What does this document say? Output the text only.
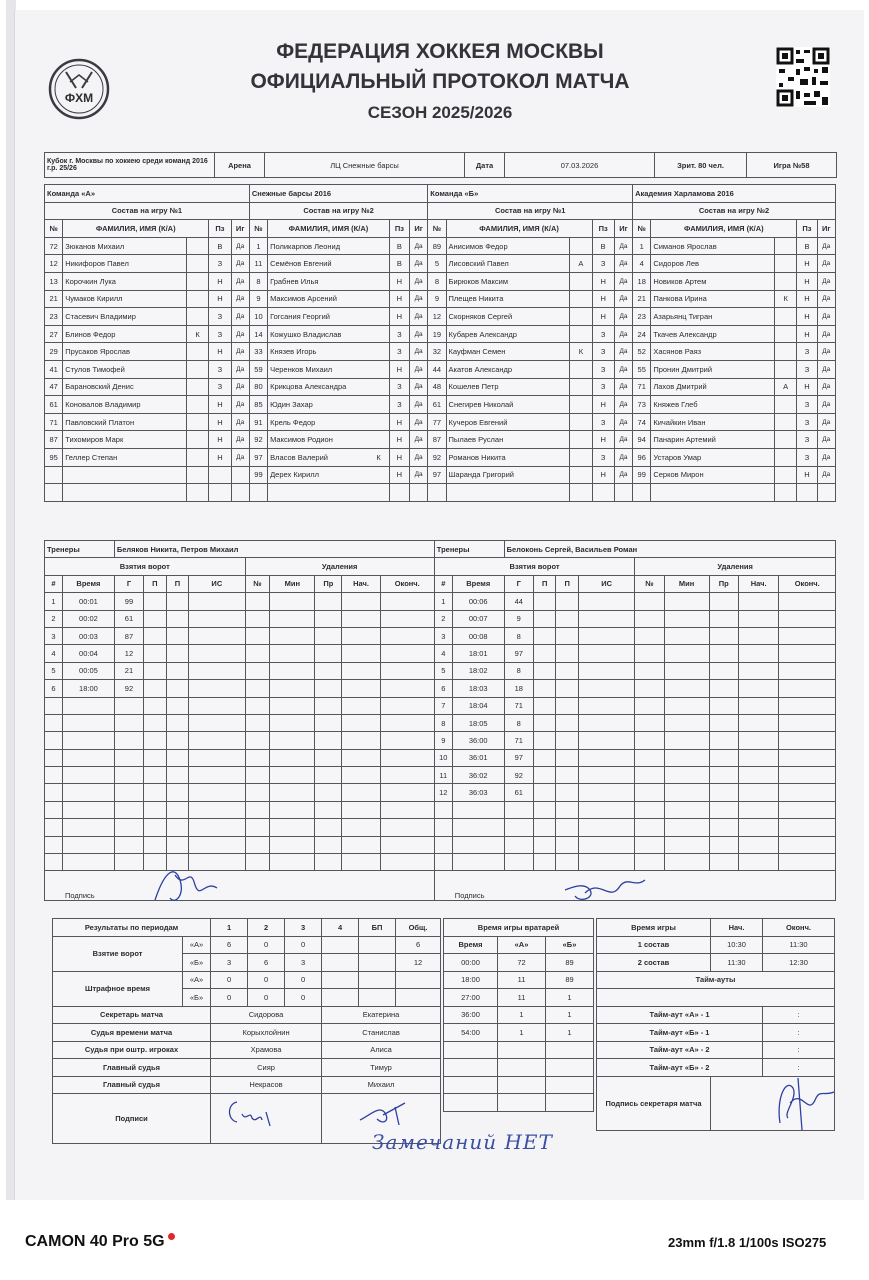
ФХМ
ФЕДЕРАЦИЯ ХОККЕЯ МОСКВЫ
ОФИЦИАЛЬНЫЙ ПРОТОКОЛ МАТЧА
СЕЗОН 2025/2026
Кубок г. Москвы по хоккею среди команд 2016 г.р. 25/26	Арена	ЛЦ Снежные барсы	Дата	07.03.2026	Зрит. 80 чел.	Игра №58
Команда «А»					Снежные барсы 2016				Команда «Б»					Академия Харламова 2016				
Состав на игру №1					Состав на игру №2				Состав на игру №1					Состав на игру №2				
№	ФАМИЛИЯ, ИМЯ (К/А)		Пз	Иг	№	ФАМИЛИЯ, ИМЯ (К/А)	Пз	Иг	№	ФАМИЛИЯ, ИМЯ (К/А)		Пз	Иг	№	ФАМИЛИЯ, ИМЯ (К/А)		Пз	Иг
72	Зюканов Михаил		В	Да	1	Поликарпов Леонид	В	Да	89	Анисимов Федор		В	Да	1	Симанов Ярослав		В	Да
12	Никифоров Павел		З	Да	11	Семёнов Евгений	В	Да	5	Лисовский Павел	А	З	Да	4	Сидоров Лев		Н	Да
13	Корочкин Лука		Н	Да	8	Грабнев Илья	Н	Да	8	Бирюков Максим		Н	Да	18	Новиков Артем		Н	Да
21	Чумаков Кирилл		Н	Да	9	Максимов Арсений	Н	Да	9	Плещев Никита		Н	Да	21	Панкова Ирина	К	Н	Да
23	Стасевич Владимир		З	Да	10	Гогсания Георгий	Н	Да	12	Скорняков Сергей		Н	Да	23	Азарьянц Тигран		Н	Да
27	Блинов Федор	К	З	Да	14	Кожушко Владислав	З	Да	19	Кубарев Александр		З	Да	24	Ткачев Александр		Н	Да
29	Прусаков Ярослав		Н	Да	33	Князев Игорь	З	Да	32	Кауфман Семен	К	З	Да	52	Хасянов Раяз		З	Да
41	Стулов Тимофей		З	Да	59	Черенков Михаил	Н	Да	44	Акатов Александр		З	Да	55	Пронин Дмитрий		З	Да
47	Барановский Денис		З	Да	80	Крикцова Александра	З	Да	48	Кошелев Петр		З	Да	71	Лахов Дмитрий	А	Н	Да
61	Коновалов Владимир		Н	Да	85	Юдин Захар	З	Да	61	Снегирев Николай		Н	Да	73	Княжев Глеб		З	Да
71	Павловский Платон		Н	Да	91	Крель Федор	Н	Да	77	Кучеров Евгений		З	Да	74	Кичайкин Иван		З	Да
87	Тихомиров Марк		Н	Да	92	Максимов Родион	Н	Да	87	Пылаев Руслан		Н	Да	94	Панарин Артемий		З	Да
95	Геллер Степан		Н	Да	97	Власов Валерий К	Н	Да	92	Романов Никита		З	Да	96	Устаров Умар		З	Да
					99	Дерех Кирилл	Н	Да	97	Шаранда Григорий		Н	Да	99	Серков Мирон		Н	Да

Тренеры		Беляков Никита, Петров Михаил									Тренеры		Белоконь Сергей, Васильев Роман								
Взятия ворот						Удаления					Взятия ворот						Удаления				
#	Время	Г	П	П	ИС	№	Мин	Пр	Нач.	Оконч.	#	Время	Г	П	П	ИС	№	Мин	Пр	Нач.	Оконч.
1	00:01	99									1	00:06	44								
2	00:02	61									2	00:07	9								
3	00:03	87									3	00:08	8								
4	00:04	12									4	18:01	97								
5	00:05	21									5	18:02	8								
6	18:00	92									6	18:03	18								
											7	18:04	71								
											8	18:05	8								
											9	36:00	71								
											10	36:01	97								
											11	36:02	92								
											12	36:03	61								

Подпись											Подпись										
Результаты по периодам		1	2	3	4	БП	Общ.
Взятие ворот	«А»	6	0	0			6
	«Б»	3	6	3			12
Штрафное время	«А»	0	0	0			
	«Б»	0	0	0			
Секретарь матча		Сидорова			Екатерина		
Судья времени матча		Корыхлойнин			Станислав		
Судья при оштр. игроках		Храмова			Алиса		
Главный судья		Сияр			Тимур		
Главный судья		Некрасов			Михаил		
Подписи							
Время игры вратарей		
Время	«А»	«Б»
00:00	72	89
18:00	11	89
27:00	11	1
36:00	1	1
54:00	1	1

Время игры	Нач.	Оконч.
1 состав	10:30	11:30
2 состав	11:30	12:30
Тайм-ауты		

Тайм-аут «А» - 1		:
Тайм-аут «Б» - 1		:
Тайм-аут «А» - 2		:
Тайм-аут «Б» - 2		:
Подпись секретаря матча		
Замечаний НЕТ
CAMON 40 Pro 5G	23mm f/1.8 1/100s ISO275
